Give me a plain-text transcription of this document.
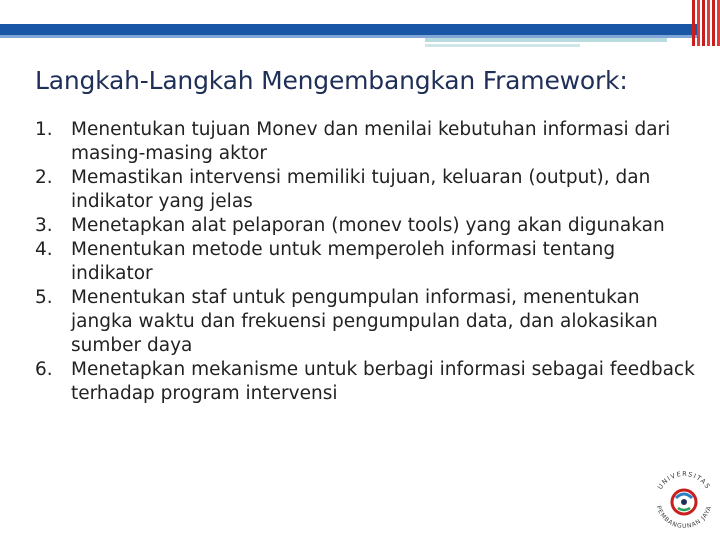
Langkah-Langkah Mengembangkan Framework:
1. Menentukan tujuan Monev dan menilai kebutuhan informasi dari masing-masing aktor
2. Memastikan intervensi memiliki tujuan, keluaran (output), dan indikator yang jelas
3. Menetapkan alat pelaporan (monev tools) yang akan digunakan
4. Menentukan metode untuk memperoleh informasi tentang indikator
5. Menentukan staf untuk pengumpulan informasi, menentukan jangka waktu dan frekuensi pengumpulan data, dan alokasikan sumber daya
6. Menetapkan mekanisme untuk berbagi informasi sebagai feedback terhadap program intervensi
UNIVERSITAS
PEMBANGUNAN JAYA
